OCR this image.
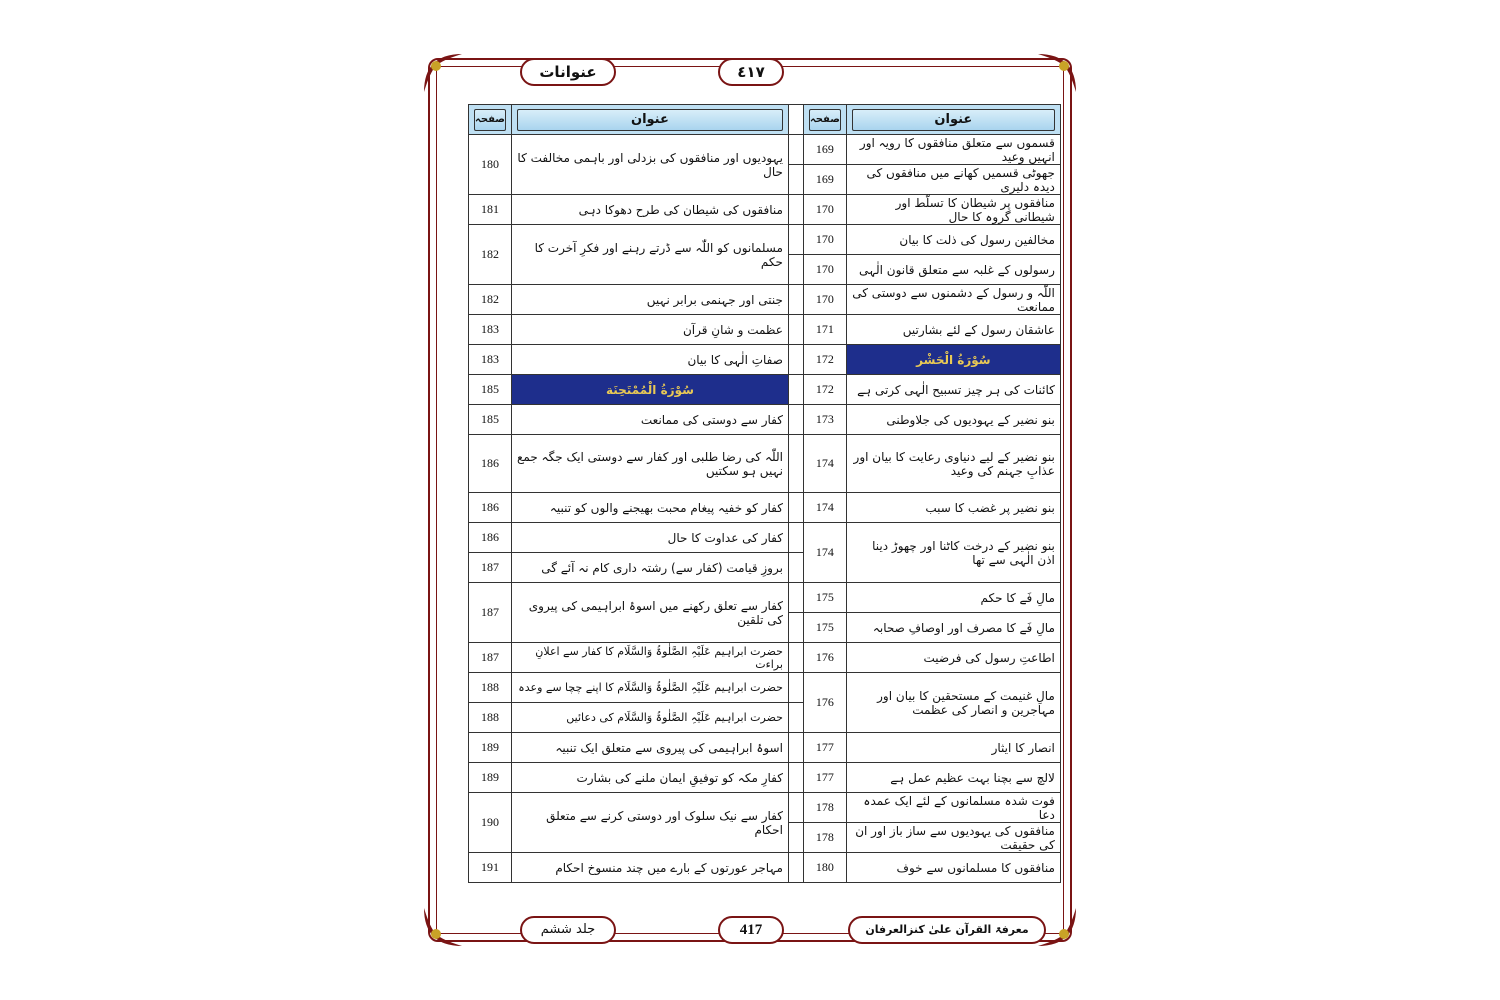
عنوانات	٤١٧
جلد ششم	417	معرفۃ القرآن علیٰ کنزالعرفان
عنوان	صفحہ		عنوان	صفحہ

قسموں سے متعلق منافقوں کا رویہ اور انہیں وعید	169		یہودیوں اور منافقوں کی بزدلی اور باہمی مخالفت کا حال	180
جھوٹی قسمیں کھانے میں منافقوں کی دیدہ دلیری	169			
منافقوں پر شیطان کا تسلّط اور شیطانی گروہ کا حال	170		منافقوں کی شیطان کی طرح دھوکا دہی	181
مخالفین رسول کی ذلت کا بیان	170		مسلمانوں کو اللّٰہ سے ڈرتے رہنے اور فکرِ آخرت کا حکم	182
رسولوں کے غلبہ سے متعلق قانون الٰہی	170			
اللّٰہ و رسول کے دشمنوں سے دوستی کی ممانعت	170		جنتی اور جہنمی برابر نہیں	182
عاشقان رسول کے لئے بشارتیں	171		عظمت و شانِ قرآن	183
سُوْرَةُ الْحَشْر	172		صفاتِ الٰہی کا بیان	183
کائنات کی ہر چیز تسبیح الٰہی کرتی ہے	172		سُوْرَةُ الْمُمْتَحِنَة	185
بنو نضیر کے یہودیوں کی جلاوطنی	173		کفار سے دوستی کی ممانعت	185
بنو نضیر کے لیے دنیاوی رعایت کا بیان اور عذابِ جہنم کی وعید	174		اللّٰہ کی رضا طلبی اور کفار سے دوستی ایک جگہ جمع نہیں ہو سکتیں	186
بنو نضیر پر غضب کا سبب	174		کفار کو خفیہ پیغام محبت بھیجنے والوں کو تنبیہ	186
بنو نضیر کے درخت کاٹنا اور چھوڑ دینا اذن الٰہی سے تھا	174		کفار کی عداوت کا حال	186
			بروزِ قیامت (کفار سے) رشتہ داری کام نہ آئے گی	187
مالِ فَے کا حکم	175		کفار سے تعلق رکھنے میں اسوۂ ابراہیمی کی پیروی کی تلقین	187
مالِ فَے کا مصرف اور اوصافِ صحابہ	175			
اطاعتِ رسول کی فرضیت	176		حضرت ابراہیم عَلَیْہِ الصَّلٰوۃُ وَالسَّلَام کا کفار سے اعلانِ براءت	187
مالِ غنیمت کے مستحقین کا بیان اور مہاجرین و انصار کی عظمت	176		حضرت ابراہیم عَلَیْہِ الصَّلٰوۃُ وَالسَّلَام کا اپنے چچا سے وعدہ	188
			حضرت ابراہیم عَلَیْہِ الصَّلٰوۃُ وَالسَّلَام کی دعائیں	188
انصار کا ایثار	177		اسوۂ ابراہیمی کی پیروی سے متعلق ایک تنبیہ	189
لالچ سے بچنا بہت عظیم عمل ہے	177		کفارِ مکہ کو توفیقِ ایمان ملنے کی بشارت	189
فوت شدہ مسلمانوں کے لئے ایک عمدہ دعا	178		کفار سے نیک سلوک اور دوستی کرنے سے متعلق احکام	190
منافقوں کی یہودیوں سے ساز باز اور ان کی حقیقت	178			
منافقوں کا مسلمانوں سے خوف	180		مہاجر عورتوں کے بارے میں چند منسوخ احکام	191
